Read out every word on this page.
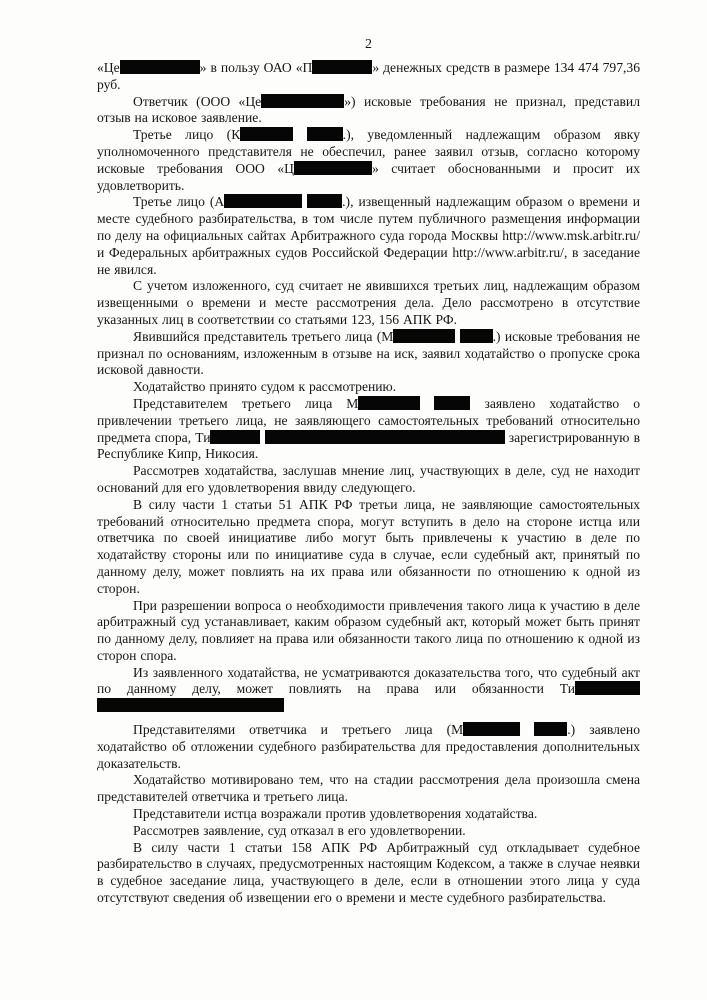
2

«Це	» в пользу ОАО «П	» денежных средств в размере 134 474 797,36 руб.

Ответчик (ООО «Це	») исковые требования не признал, представил отзыв на исковое заявление.

Третье лицо (К	.), уведомленный надлежащим образом явку уполномоченного представителя не обеспечил, ранее заявил отзыв, согласно которому исковые требования ООО «Ц	» считает обоснованными и просит их удовлетворить.

Третье лицо (А	.), извещенный надлежащим образом о времени и месте судебного разбирательства, в том числе путем публичного размещения информации по делу на официальных сайтах Арбитражного суда города Москвы http://www.msk.arbitr.ru/ и Федеральных арбитражных судов Российской Федерации http://www.arbitr.ru/, в заседание не явился.

С учетом изложенного, суд считает не явившихся третьих лиц, надлежащим образом извещенными о времени и месте рассмотрения дела. Дело рассмотрено в отсутствие указанных лиц в соответствии со статьями 123, 156 АПК РФ.

Явившийся представитель третьего лица (М	.) исковые требования не признал по основаниям, изложенным в отзыве на иск, заявил ходатайство о пропуске срока исковой давности.

Ходатайство принято судом к рассмотрению.

Представителем третьего лица М	заявлено ходатайство о привлечении третьего лица, не заявляющего самостоятельных требований относительно предмета спора, Ти	зарегистрированную в Республике Кипр, Никосия.

Рассмотрев ходатайства, заслушав мнение лиц, участвующих в деле, суд не находит оснований для его удовлетворения ввиду следующего.

В силу части 1 статьи 51 АПК РФ третьи лица, не заявляющие самостоятельных требований относительно предмета спора, могут вступить в дело на стороне истца или ответчика по своей инициативе либо могут быть привлечены к участию в деле по ходатайству стороны или по инициативе суда в случае, если судебный акт, принятый по данному делу, может повлиять на их права или обязанности по отношению к одной из сторон.

При разрешении вопроса о необходимости привлечения такого лица к участию в деле арбитражный суд устанавливает, каким образом судебный акт, который может быть принят по данному делу, повлияет на права или обязанности такого лица по отношению к одной из сторон спора.

Из заявленного ходатайства, не усматриваются доказательства того, что судебный акт по данному делу, может повлиять на права или обязанности Ти

Представителями ответчика и третьего лица (М	.) заявлено ходатайство об отложении судебного разбирательства для предоставления дополнительных доказательств.

Ходатайство мотивировано тем, что на стадии рассмотрения дела произошла смена представителей ответчика и третьего лица.

Представители истца возражали против удовлетворения ходатайства.

Рассмотрев заявление, суд отказал в его удовлетворении.

В силу части 1 статьи 158 АПК РФ Арбитражный суд откладывает судебное разбирательство в случаях, предусмотренных настоящим Кодексом, а также в случае неявки в судебное заседание лица, участвующего в деле, если в отношении этого лица у суда отсутствуют сведения об извещении его о времени и месте судебного разбирательства.
